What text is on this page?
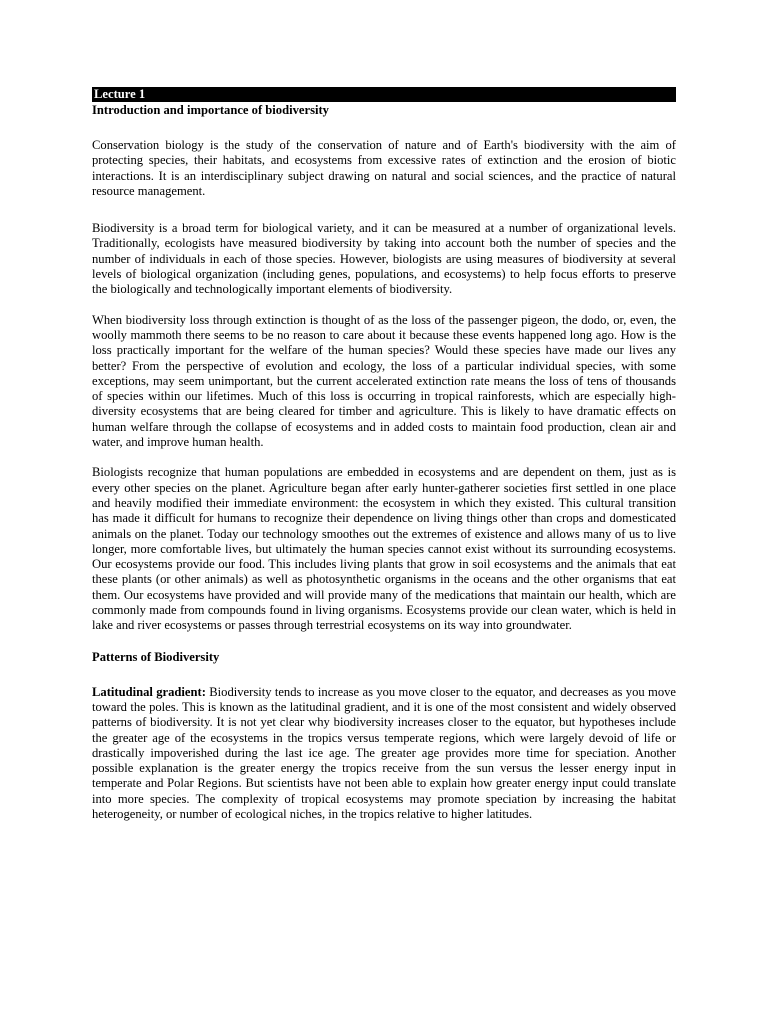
Lecture 1
Introduction and importance of biodiversity

Conservation biology is the study of the conservation of nature and of Earth's biodiversity with the aim of protecting species, their habitats, and ecosystems from excessive rates of extinction and the erosion of biotic interactions. It is an interdisciplinary subject drawing on natural and social sciences, and the practice of natural resource management.

Biodiversity is a broad term for biological variety, and it can be measured at a number of organizational levels. Traditionally, ecologists have measured biodiversity by taking into account both the number of species and the number of individuals in each of those species. However, biologists are using measures of biodiversity at several levels of biological organization (including genes, populations, and ecosystems) to help focus efforts to preserve the biologically and technologically important elements of biodiversity.

When biodiversity loss through extinction is thought of as the loss of the passenger pigeon, the dodo, or, even, the woolly mammoth there seems to be no reason to care about it because these events happened long ago. How is the loss practically important for the welfare of the human species? Would these species have made our lives any better? From the perspective of evolution and ecology, the loss of a particular individual species, with some exceptions, may seem unimportant, but the current accelerated extinction rate means the loss of tens of thousands of species within our lifetimes. Much of this loss is occurring in tropical rainforests, which are especially high-diversity ecosystems that are being cleared for timber and agriculture. This is likely to have dramatic effects on human welfare through the collapse of ecosystems and in added costs to maintain food production, clean air and water, and improve human health.

Biologists recognize that human populations are embedded in ecosystems and are dependent on them, just as is every other species on the planet. Agriculture began after early hunter-gatherer societies first settled in one place and heavily modified their immediate environment: the ecosystem in which they existed. This cultural transition has made it difficult for humans to recognize their dependence on living things other than crops and domesticated animals on the planet. Today our technology smoothes out the extremes of existence and allows many of us to live longer, more comfortable lives, but ultimately the human species cannot exist without its surrounding ecosystems. Our ecosystems provide our food. This includes living plants that grow in soil ecosystems and the animals that eat these plants (or other animals) as well as photosynthetic organisms in the oceans and the other organisms that eat them. Our ecosystems have provided and will provide many of the medications that maintain our health, which are commonly made from compounds found in living organisms. Ecosystems provide our clean water, which is held in lake and river ecosystems or passes through terrestrial ecosystems on its way into groundwater.

Patterns of Biodiversity

Latitudinal gradient: Biodiversity tends to increase as you move closer to the equator, and decreases as you move toward the poles. This is known as the latitudinal gradient, and it is one of the most consistent and widely observed patterns of biodiversity. It is not yet clear why biodiversity increases closer to the equator, but hypotheses include the greater age of the ecosystems in the tropics versus temperate regions, which were largely devoid of life or drastically impoverished during the last ice age. The greater age provides more time for speciation. Another possible explanation is the greater energy the tropics receive from the sun versus the lesser energy input in temperate and Polar Regions. But scientists have not been able to explain how greater energy input could translate into more species. The complexity of tropical ecosystems may promote speciation by increasing the habitat heterogeneity, or number of ecological niches, in the tropics relative to higher latitudes.
